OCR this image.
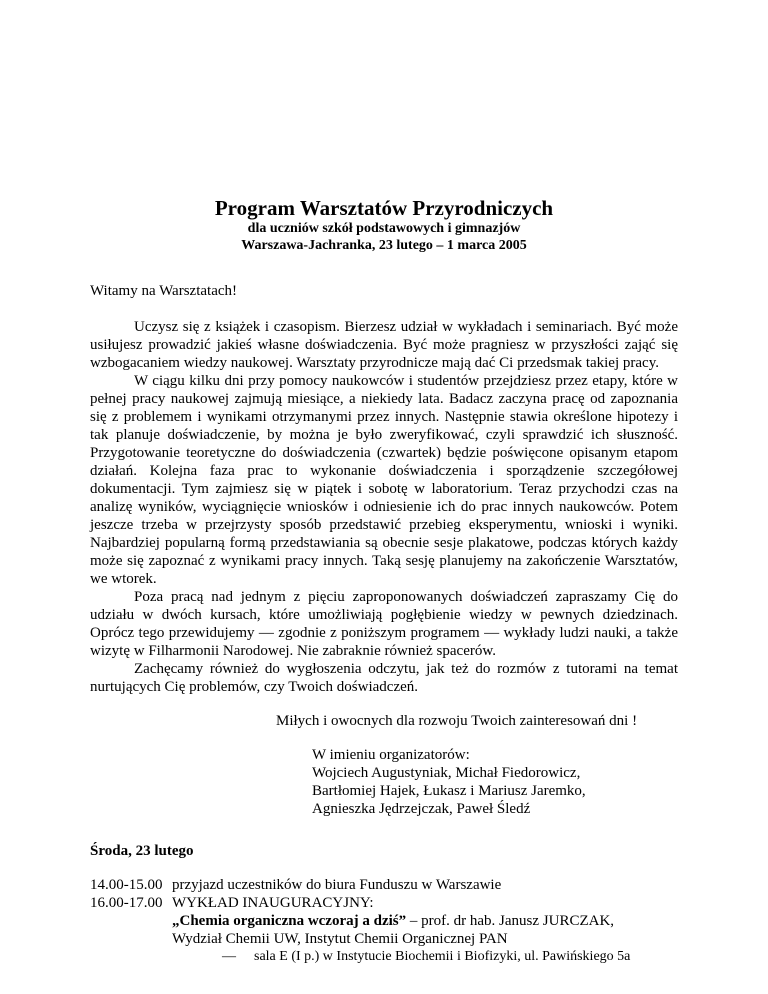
Program Warsztatów Przyrodniczych
dla uczniów szkół podstawowych i gimnazjów
Warszawa-Jachranka, 23 lutego – 1 marca 2005
Witamy na Warsztatach!

Uczysz się z książek i czasopism. Bierzesz udział w wykładach i seminariach. Być może usiłujesz prowadzić jakieś własne doświadczenia. Być może pragniesz w przyszłości zająć się wzbogacaniem wiedzy naukowej. Warsztaty przyrodnicze mają dać Ci przedsmak takiej pracy.

W ciągu kilku dni przy pomocy naukowców i studentów przejdziesz przez etapy, które w pełnej pracy naukowej zajmują miesiące, a niekiedy lata. Badacz zaczyna pracę od zapoznania się z problemem i wynikami otrzymanymi przez innych. Następnie stawia określone hipotezy i tak planuje doświadczenie, by można je było zweryfikować, czyli sprawdzić ich słuszność. Przygotowanie teoretyczne do doświadczenia (czwartek) będzie poświęcone opisanym etapom działań. Kolejna faza prac to wykonanie doświadczenia i sporządzenie szczegółowej dokumentacji. Tym zajmiesz się w piątek i sobotę w laboratorium. Teraz przychodzi czas na analizę wyników, wyciągnięcie wniosków i odniesienie ich do prac innych naukowców. Potem jeszcze trzeba w przejrzysty sposób przedstawić przebieg eksperymentu, wnioski i wyniki. Najbardziej popularną formą przedstawiania są obecnie sesje plakatowe, podczas których każdy może się zapoznać z wynikami pracy innych. Taką sesję planujemy na zakończenie Warsztatów, we wtorek.

Poza pracą nad jednym z pięciu zaproponowanych doświadczeń zapraszamy Cię do udziału w dwóch kursach, które umożliwiają pogłębienie wiedzy w pewnych dziedzinach. Oprócz tego przewidujemy — zgodnie z poniższym programem — wykłady ludzi nauki, a także wizytę w Filharmonii Narodowej. Nie zabraknie również spacerów.

Zachęcamy również do wygłoszenia odczytu, jak też do rozmów z tutorami na temat nurtujących Cię problemów, czy Twoich doświadczeń.

Miłych i owocnych dla rozwoju Twoich zainteresowań dni !
W imieniu organizatorów:
Wojciech Augustyniak, Michał Fiedorowicz,
Bartłomiej Hajek, Łukasz i Mariusz Jaremko,
Agnieszka Jędrzejczak, Paweł Śledź
Środa, 23 lutego
14.00-15.00 przyjazd uczestników do biura Funduszu w Warszawie
16.00-17.00 WYKŁAD INAUGURACYJNY:
„Chemia organiczna wczoraj a dziś” – prof. dr hab. Janusz JURCZAK,
Wydział Chemii UW, Instytut Chemii Organicznej PAN
— sala E (I p.) w Instytucie Biochemii i Biofizyki, ul. Pawińskiego 5a
